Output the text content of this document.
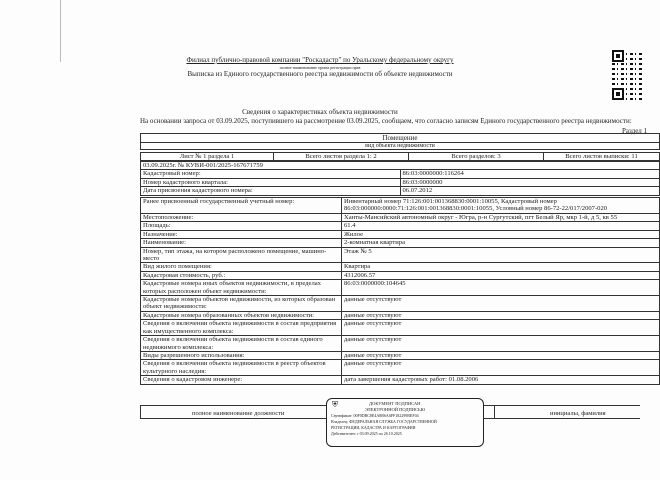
Филиал публично-правовой компании "Роскадастр" по Уральскому федеральному округу
полное наименование органа регистрации прав
Выписка из Единого государственного реестра недвижимости об объекте недвижимости
Сведения о характеристиках объекта недвижимости
На основании запроса от 03.09.2025, поступившего на рассмотрение 03.09.2025, сообщаем, что согласно записям Единого государственного реестра недвижимости:
Раздел 1
Помещение
вид объекта недвижимости
Лист № 1 раздела 1	Всего листов раздела 1: 2	Всего разделов: 3	Всего листов выписки: 11
03.09.2025г. № КУВИ-001/2025-167671759	
Кадастровый номер:	86:03:0000000:116264
Номер кадастрового квартала:	86:03:0000000
Дата присвоения кадастрового номера:	06.07.2012
Ранее присвоенный государственный учетный номер:	Инвентарный номер 71:126:001:001368830:0001:10055, Кадастровый номер 86:03:000000:0000:71:126:001:001368830:0001:10055, Условный номер 86-72-22/017/2007-020
Местоположение:	Ханты-Мансийский автономный округ - Югра, р-н Сургутский, пгт Белый Яр, мкр 1-й, д 5, кв 55
Площадь:	61.4
Назначение:	Жилое
Наименование:	2-комнатная квартира
Номер, тип этажа, на котором расположено помещение, машино-место	Этаж № 5
Вид жилого помещения:	Квартира
Кадастровая стоимость, руб.:	4312006.57
Кадастровые номера иных объектов недвижимости, в пределах которых расположен объект недвижимости:	86:03:0000000:104645
Кадастровые номера объектов недвижимости, из которых образован объект недвижимости:	данные отсутствуют
Кадастровые номера образованных объектов недвижимости:	данные отсутствуют
Сведения о включении объекта недвижимости в состав предприятия как имущественного комплекса:	данные отсутствуют
Сведения о включении объекта недвижимости в состав единого недвижимого комплекса:	данные отсутствуют
Виды разрешенного использования:	данные отсутствуют
Сведения о включении объекта недвижимости в реестр объектов культурного наследия:	данные отсутствуют
Сведения о кадастровом инженере:	дата завершения кадастровых работ: 01.08.2006
полное наименование должности	инициалы, фамилия
⛨	ДОКУМЕНТ ПОДПИСАН
ЭЛЕКТРОННОЙ ПОДПИСЬЮ
Сертификат: 00F0DBC8E4A8B6A6FF182299BEF04
Владелец: ФЕДЕРАЛЬНАЯ СЛУЖБА ГОСУДАРСТВЕННОЙ
РЕГИСТРАЦИИ, КАДАСТРА И КАРТОГРАФИИ
Действителен: с 03.09.2025 по 26.10.2025
